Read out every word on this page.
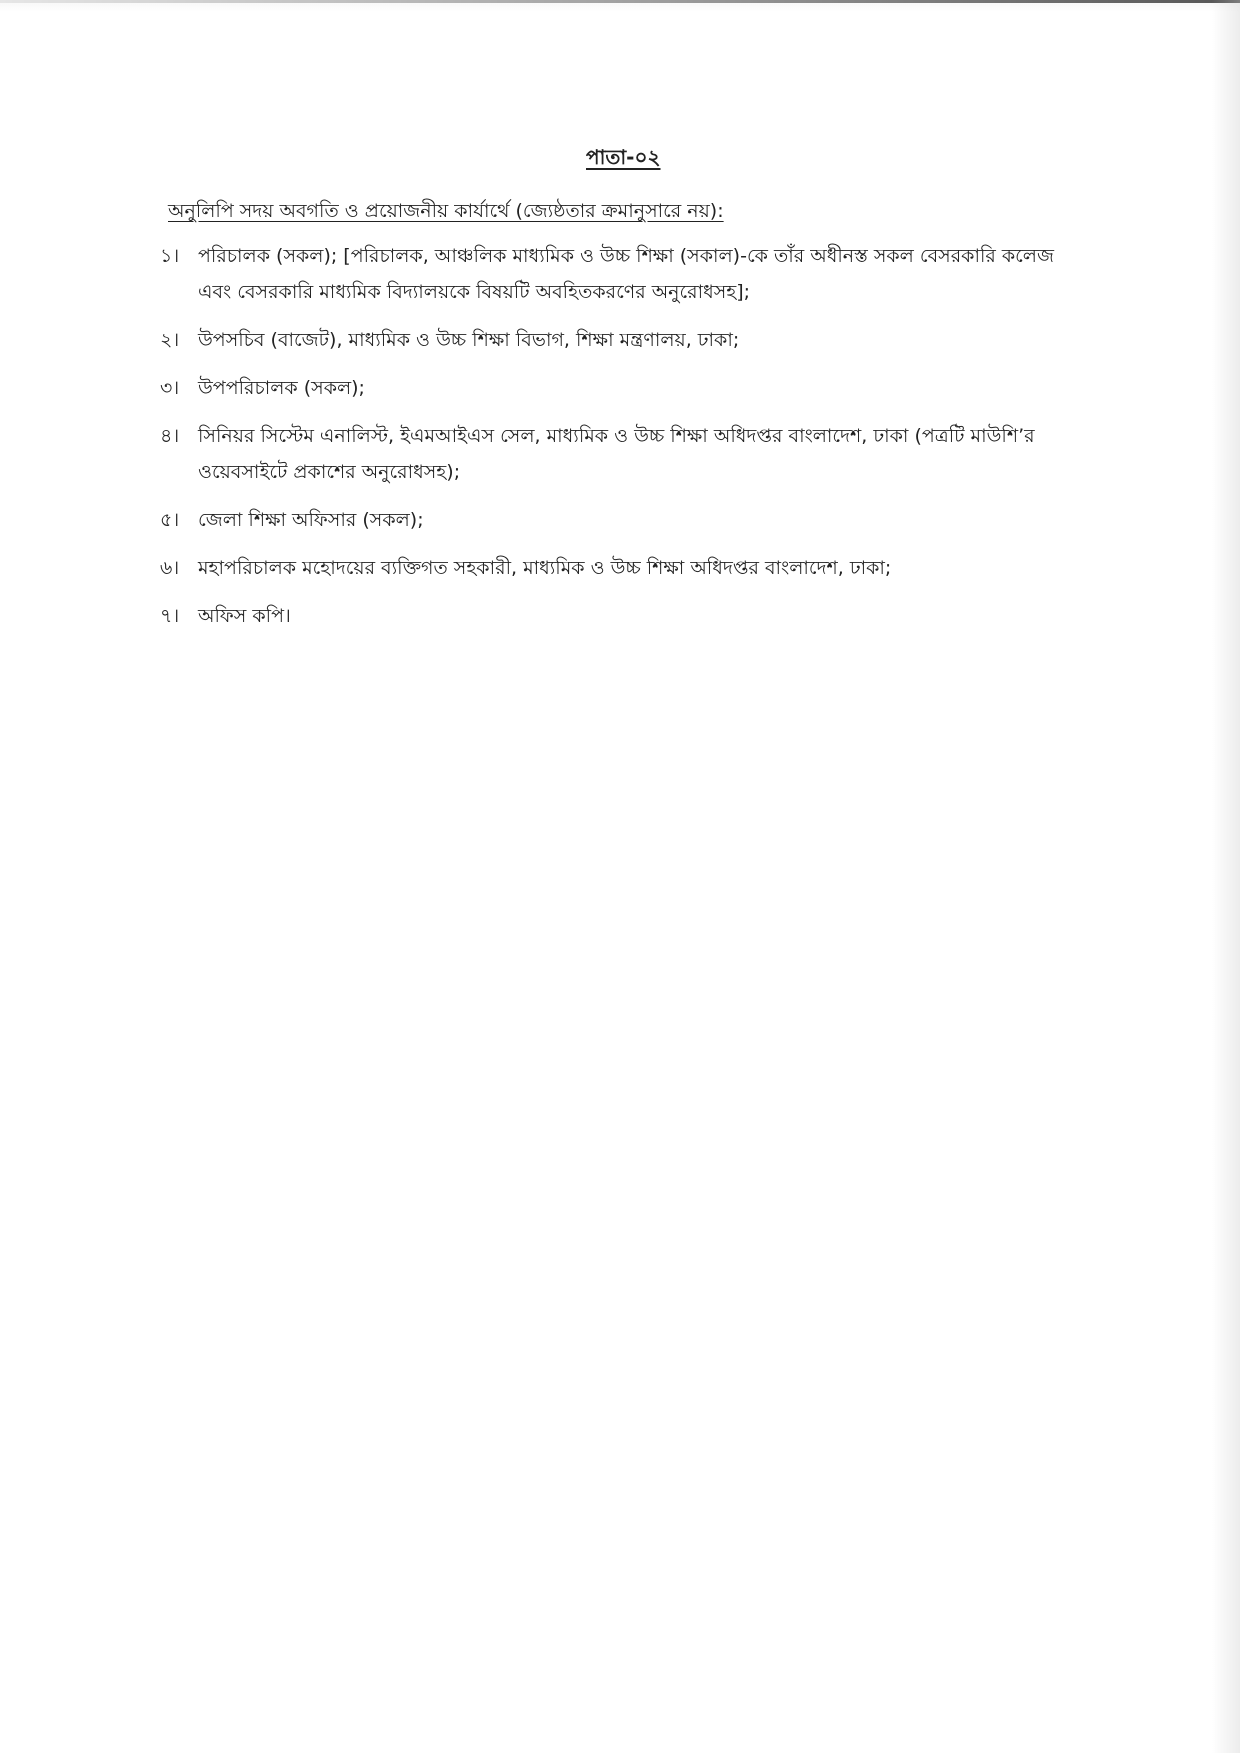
পাতা-০২
অনুলিপি সদয় অবগতি ও প্রয়োজনীয় কার্যার্থে (জ্যেষ্ঠতার ক্রমানুসারে নয়):
১। পরিচালক (সকল); [পরিচালক, আঞ্চলিক মাধ্যমিক ও উচ্চ শিক্ষা (সকাল)-কে তাঁর অধীনস্ত সকল বেসরকারি কলেজ এবং বেসরকারি মাধ্যমিক বিদ্যালয়কে বিষয়টি অবহিতকরণের অনুরোধসহ];
২। উপসচিব (বাজেট), মাধ্যমিক ও উচ্চ শিক্ষা বিভাগ, শিক্ষা মন্ত্রণালয়, ঢাকা;
৩। উপপরিচালক (সকল);
৪। সিনিয়র সিস্টেম এনালিস্ট, ইএমআইএস সেল, মাধ্যমিক ও উচ্চ শিক্ষা অধিদপ্তর বাংলাদেশ, ঢাকা (পত্রটি মাউশি’র ওয়েবসাইটে প্রকাশের অনুরোধসহ);
৫। জেলা শিক্ষা অফিসার (সকল);
৬। মহাপরিচালক মহোদয়ের ব্যক্তিগত সহকারী, মাধ্যমিক ও উচ্চ শিক্ষা অধিদপ্তর বাংলাদেশ, ঢাকা;
৭। অফিস কপি।
